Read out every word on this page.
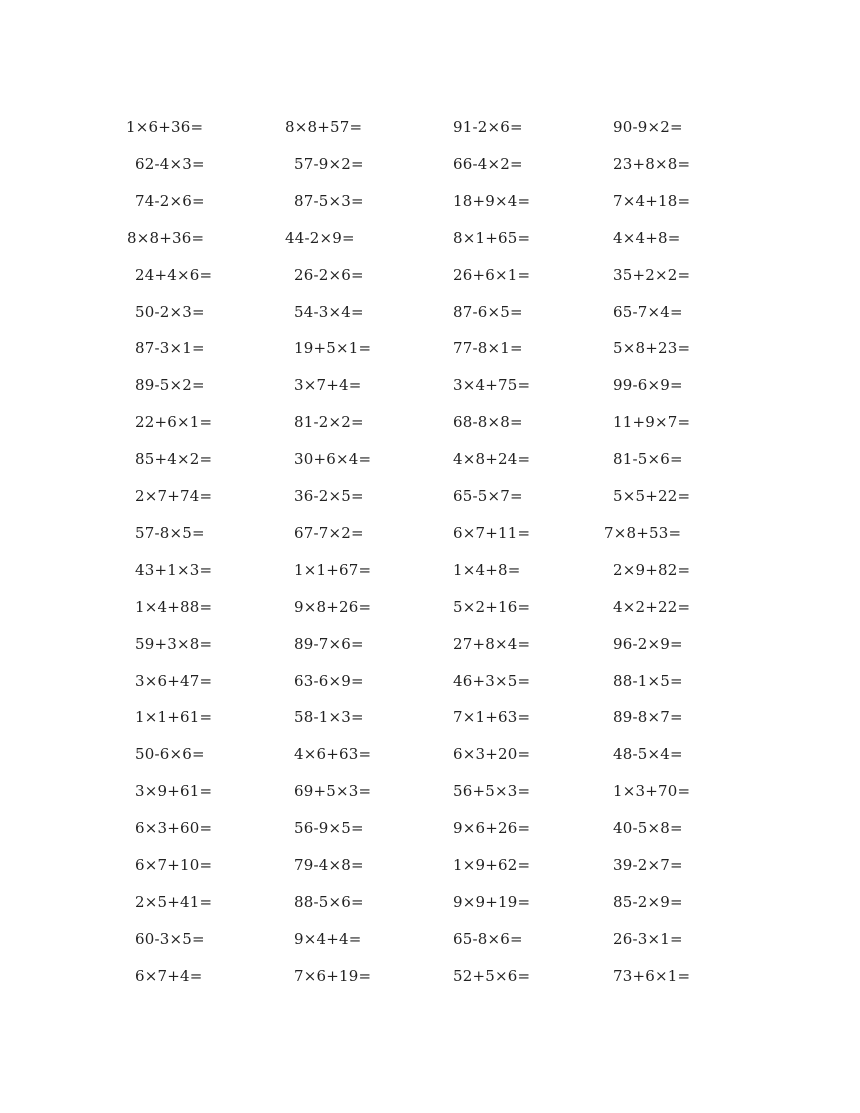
1×6+36=	8×8+57=	91-2×6=	90-9×2=
62-4×3=	57-9×2=	66-4×2=	23+8×8=
74-2×6=	87-5×3=	18+9×4=	7×4+18=
8×8+36=	44-2×9=	8×1+65=	4×4+8=
24+4×6=	26-2×6=	26+6×1=	35+2×2=
50-2×3=	54-3×4=	87-6×5=	65-7×4=
87-3×1=	19+5×1=	77-8×1=	5×8+23=
89-5×2=	3×7+4=	3×4+75=	99-6×9=
22+6×1=	81-2×2=	68-8×8=	11+9×7=
85+4×2=	30+6×4=	4×8+24=	81-5×6=
2×7+74=	36-2×5=	65-5×7=	5×5+22=
57-8×5=	67-7×2=	6×7+11=	7×8+53=
43+1×3=	1×1+67=	1×4+8=	2×9+82=
1×4+88=	9×8+26=	5×2+16=	4×2+22=
59+3×8=	89-7×6=	27+8×4=	96-2×9=
3×6+47=	63-6×9=	46+3×5=	88-1×5=
1×1+61=	58-1×3=	7×1+63=	89-8×7=
50-6×6=	4×6+63=	6×3+20=	48-5×4=
3×9+61=	69+5×3=	56+5×3=	1×3+70=
6×3+60=	56-9×5=	9×6+26=	40-5×8=
6×7+10=	79-4×8=	1×9+62=	39-2×7=
2×5+41=	88-5×6=	9×9+19=	85-2×9=
60-3×5=	9×4+4=	65-8×6=	26-3×1=
6×7+4=	7×6+19=	52+5×6=	73+6×1=
